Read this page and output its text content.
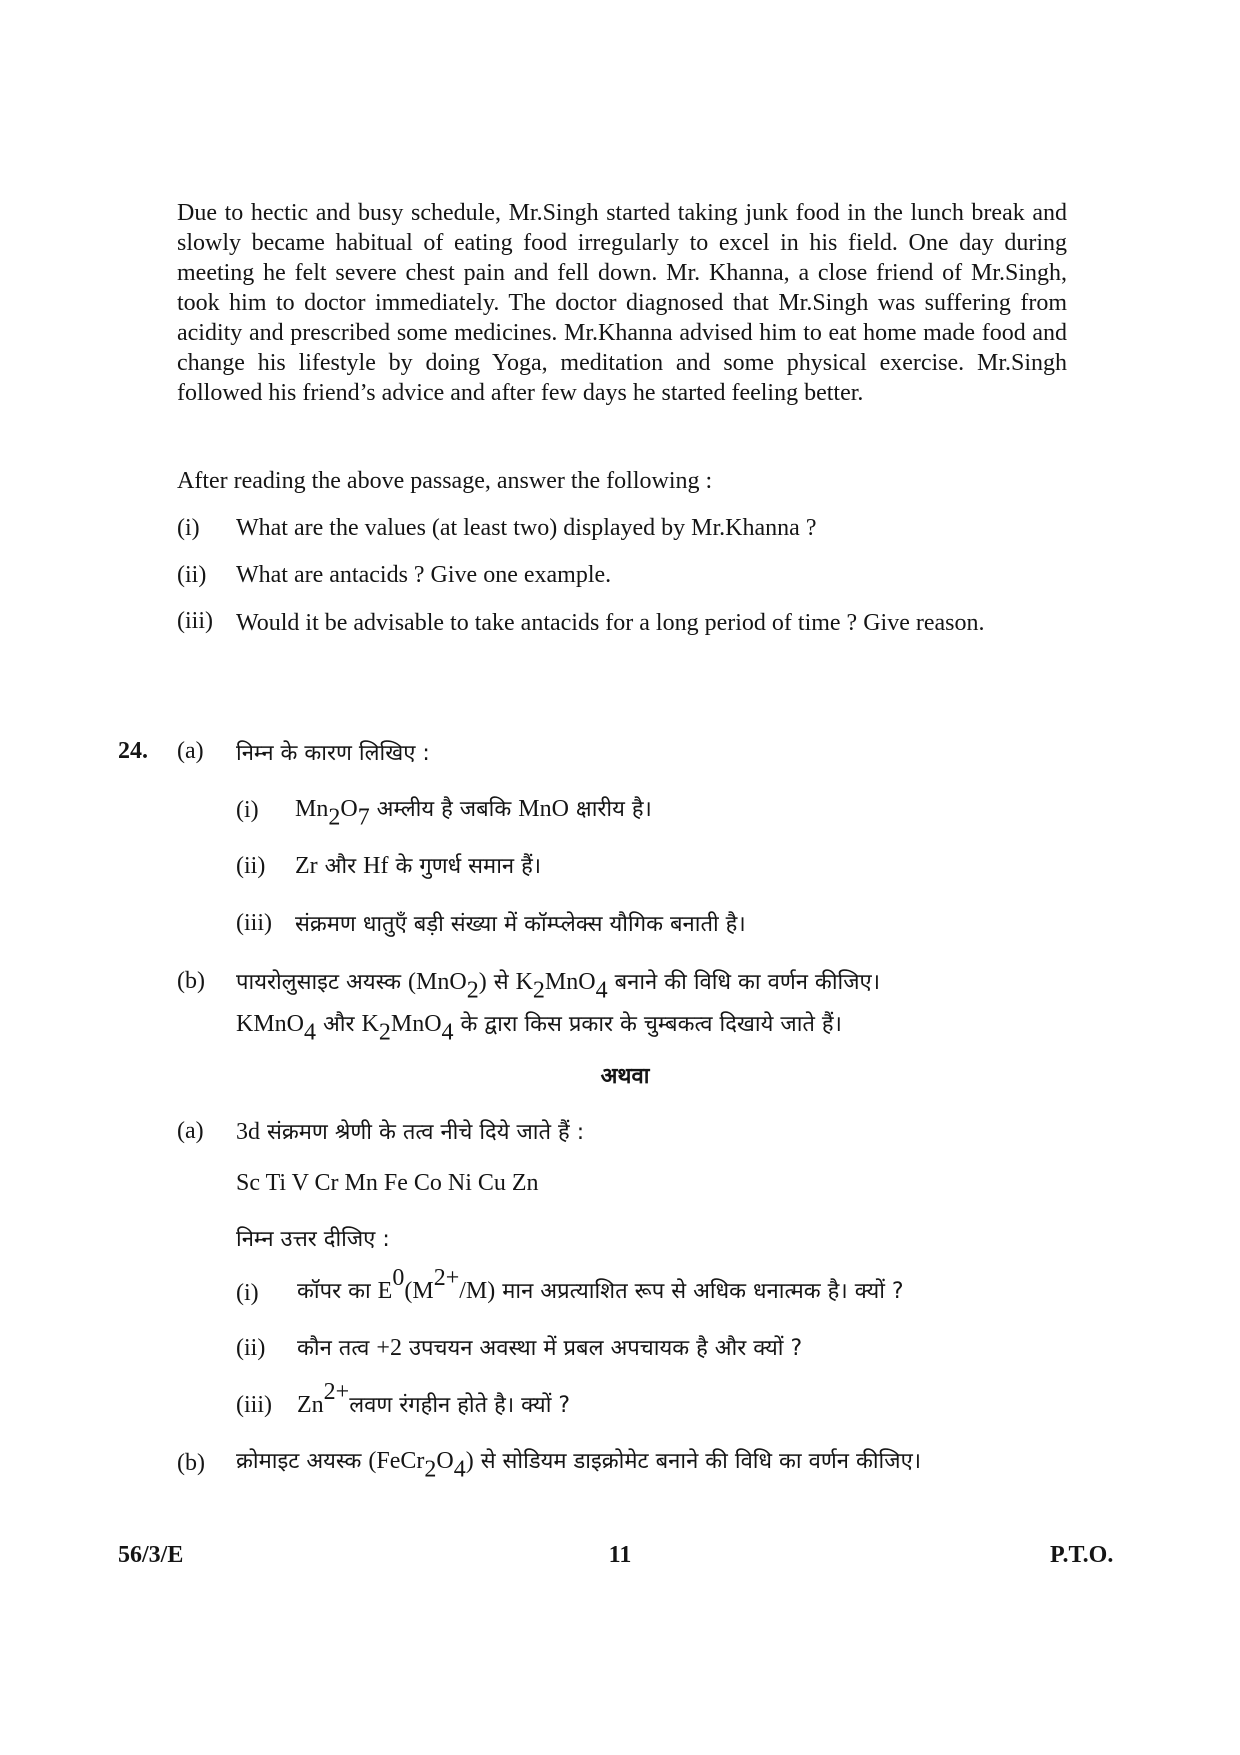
Due to hectic and busy schedule, Mr.Singh started taking junk food in the lunch break and slowly became habitual of eating food irregularly to excel in his field. One day during meeting he felt severe chest pain and fell down. Mr. Khanna, a close friend of Mr.Singh, took him to doctor immediately. The doctor diagnosed that Mr.Singh was suffering from acidity and prescribed some medicines. Mr.Khanna advised him to eat home made food and change his lifestyle by doing Yoga, meditation and some physical exercise. Mr.Singh followed his friend’s advice and after few days he started feeling better.
After reading the above passage, answer the following :
(i) What are the values (at least two) displayed by Mr.Khanna ?
(ii) What are antacids ? Give one example.
(iii) Would it be advisable to take antacids for a long period of time ? Give reason.
24. (a) निम्न के कारण लिखिए :
(i) $Mn_2O_7$ अम्लीय है जबकि MnO क्षारीय है।
(ii) Zr और Hf के गुणर्ध समान हैं।
(iii) संक्रमण धातुएँ बड़ी संख्या में कॉम्प्लेक्स यौगिक बनाती है।
(b) पायरोलुसाइट अयस्क (MnO$_2$) से $K_2MnO_4$ बनाने की विधि का वर्णन कीजिए।
KMnO$_4$ और $K_2MnO_4$ के द्वारा किस प्रकार के चुम्बकत्व दिखाये जाते हैं।
अथवा
(a) 3d संक्रमण श्रेणी के तत्व नीचे दिये जाते हैं :
Sc Ti V Cr Mn Fe Co Ni Cu Zn
निम्न उत्तर दीजिए :
(i) कॉपर का $E^0(M^{2+}/M)$ मान अप्रत्याशित रूप से अधिक धनात्मक है। क्यों ?
(ii) कौन तत्व +2 उपचयन अवस्था में प्रबल अपचायक है और क्यों ?
(iii) $Zn^{2+}लवण$ रंगहीन होते है। क्यों ?
(b) क्रोमाइट अयस्क $(FeCr_2O_4)$ से सोडियम डाइक्रोमेट बनाने की विधि का वर्णन कीजिए।
56/3/E	11	P.T.O.
